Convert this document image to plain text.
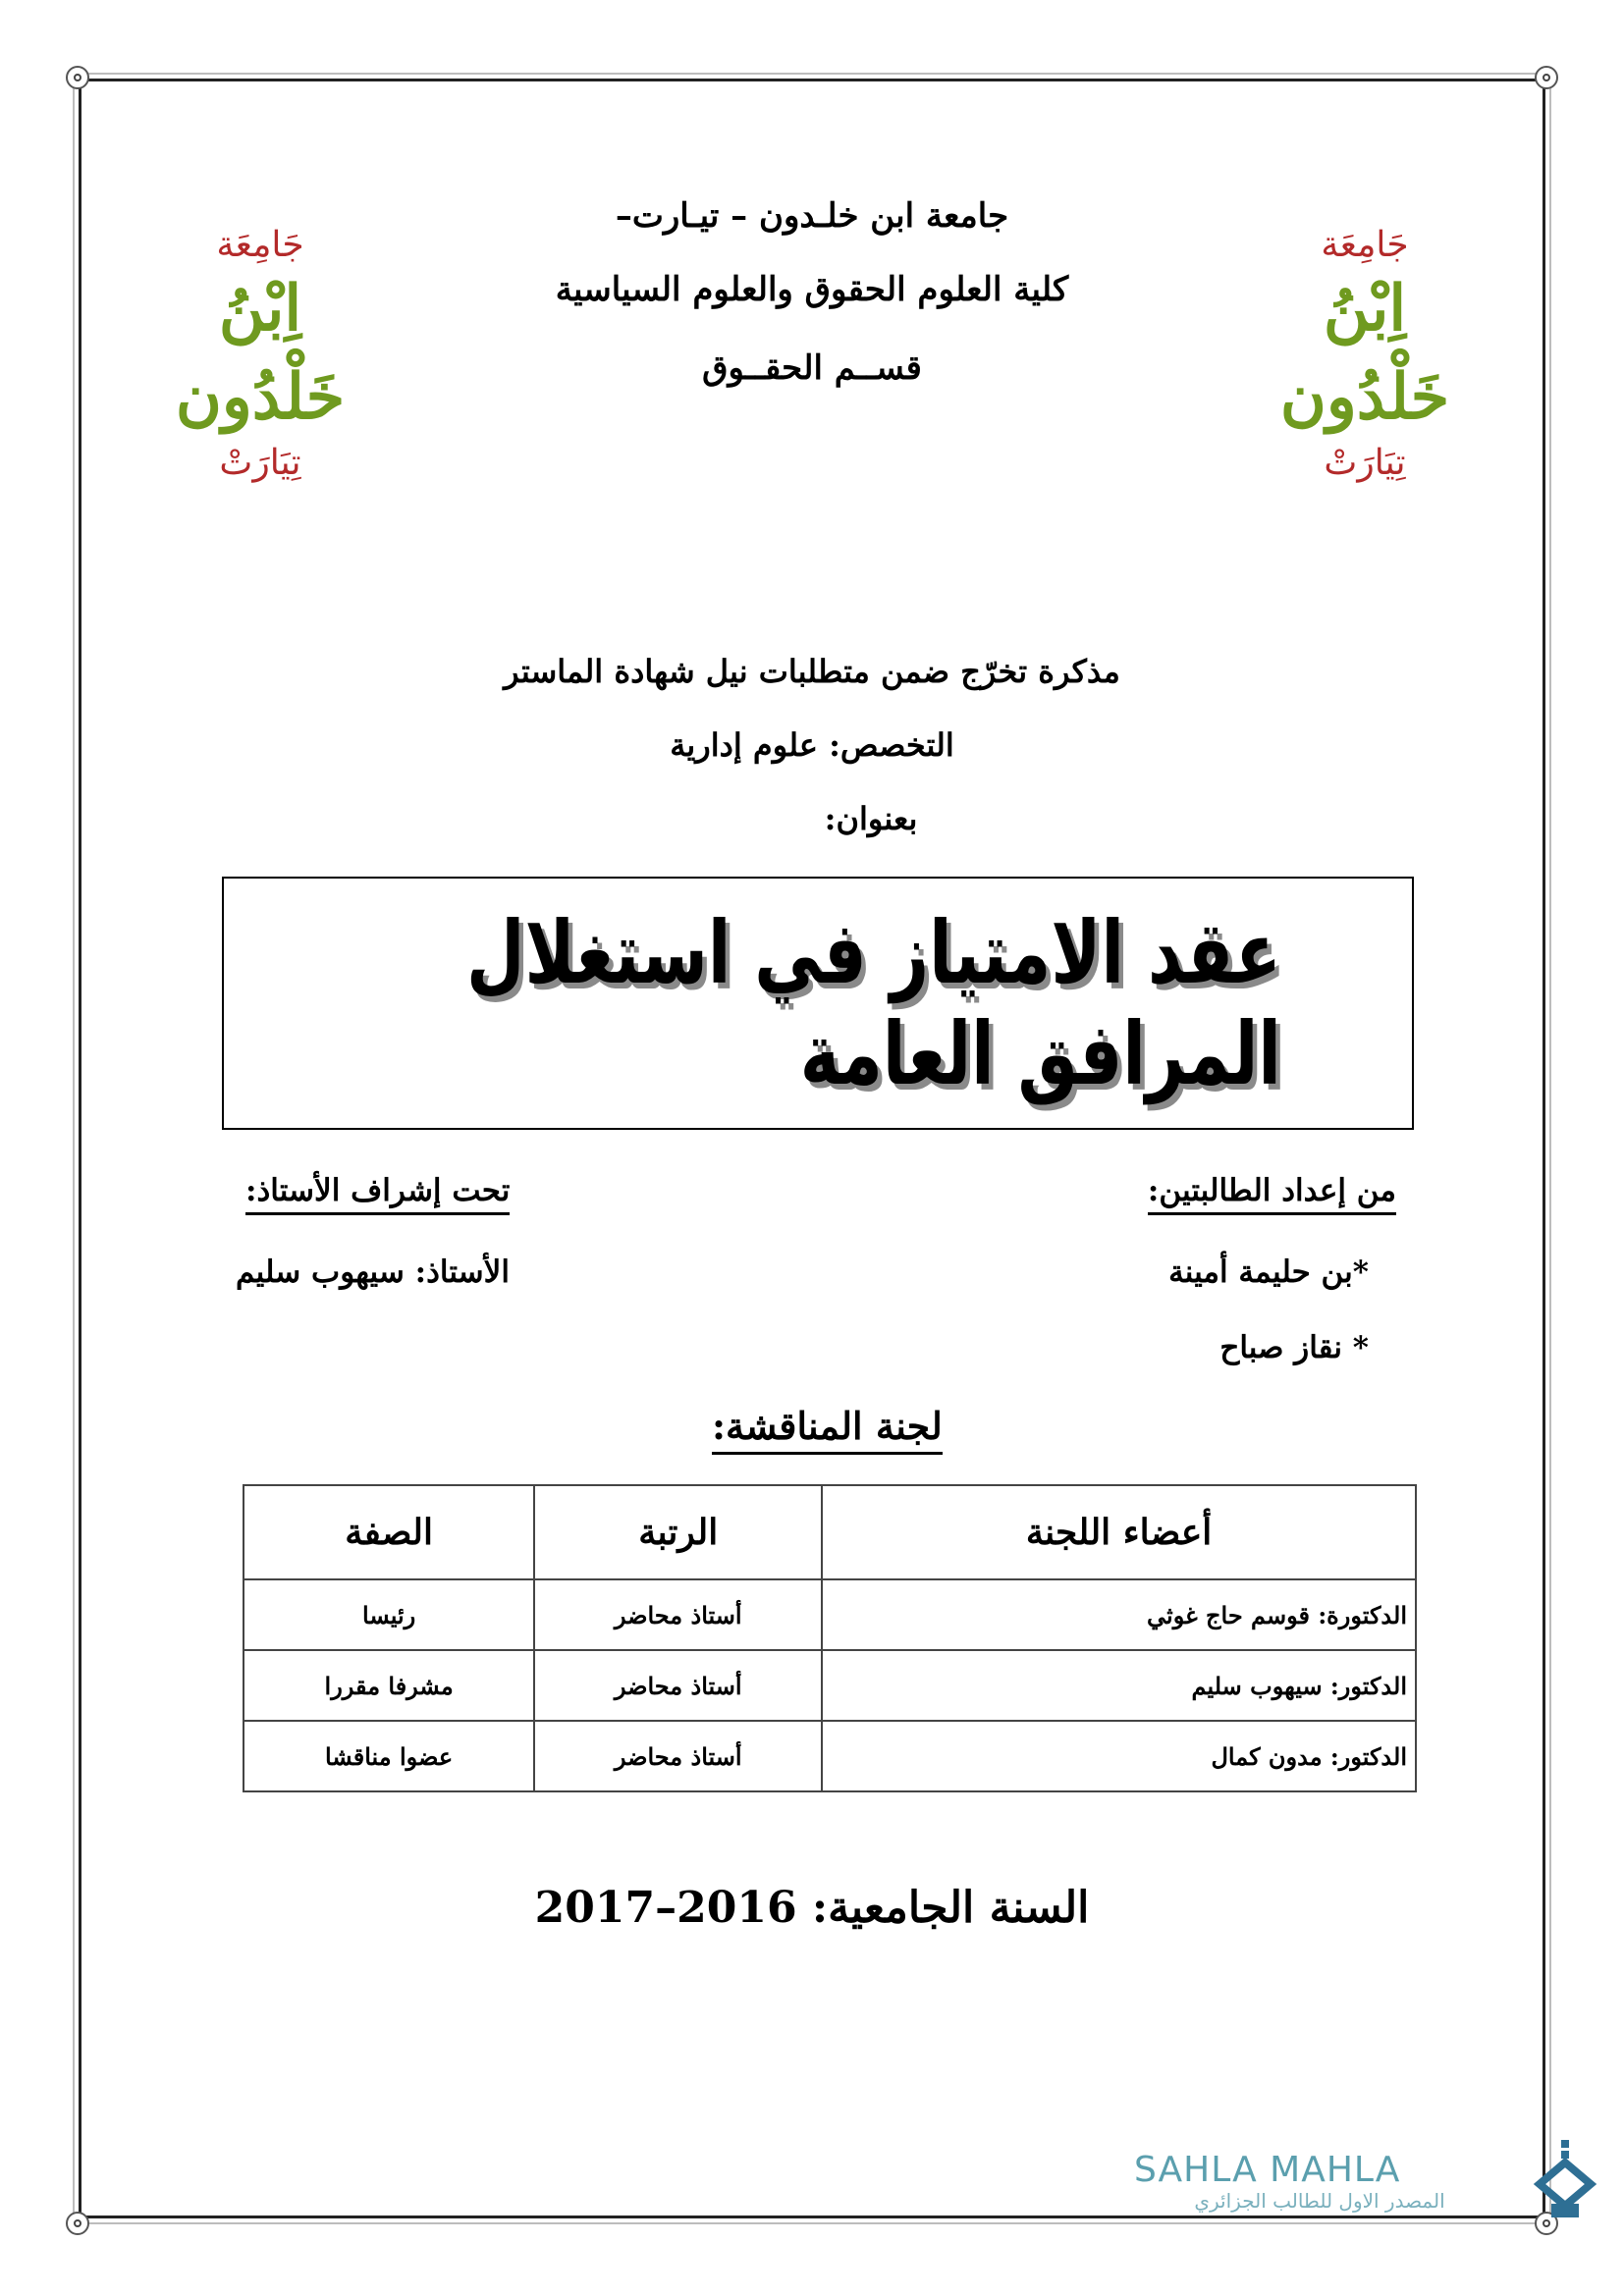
جَامِعَة
اِبْنُ خَلْدُون
تِيَارَتْ
جَامِعَة
اِبْنُ خَلْدُون
تِيَارَتْ
جامعة ابن خلـدون – تيـارت–
كلية العلوم الحقوق والعلوم السياسية
قســم الحقــوق
مذكرة تخرّج ضمن متطلبات نيل شهادة الماستر
التخصص: علوم إدارية
بعنوان:
عقد الامتياز في استغلال المرافق العامة
من إعداد الطالبتين:
*بن حليمة أمينة
* نقاز صباح
تحت إشراف الأستاذ:
الأستاذ: سيهوب سليم
لجنة المناقشة:
أعضاء اللجنة	الرتبة	الصفة
الدكتورة: قوسم حاج غوثي	أستاذ محاضر	رئيسا
الدكتور: سيهوب سليم	أستاذ محاضر	مشرفا مقررا
الدكتور: مدون كمال	أستاذ محاضر	عضوا مناقشا
السنة الجامعية: 2016–2017
SAHLA MAHLA
المصدر الاول للطالب الجزائري
